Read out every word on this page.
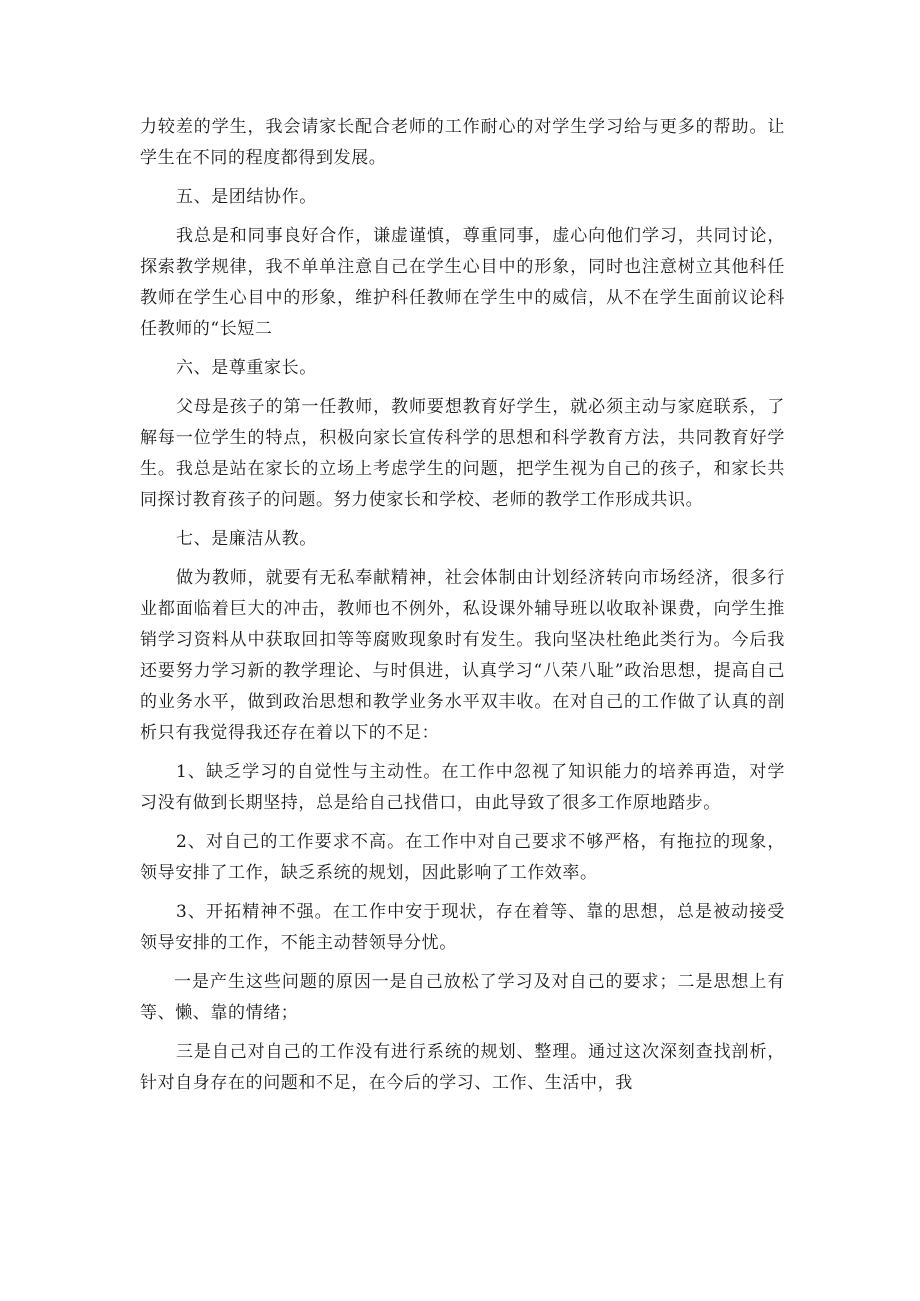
力较差的学生，我会请家长配合老师的工作耐心的对学生学习给与更多的帮助。让学生在不同的程度都得到发展。

五、是团结协作。

我总是和同事良好合作，谦虚谨慎，尊重同事，虚心向他们学习，共同讨论，探索教学规律，我不单单注意自己在学生心目中的形象，同时也注意树立其他科任教师在学生心目中的形象，维护科任教师在学生中的威信，从不在学生面前议论科任教师的“长短二

六、是尊重家长。

父母是孩子的第一任教师，教师要想教育好学生，就必须主动与家庭联系，了解每一位学生的特点，积极向家长宣传科学的思想和科学教育方法，共同教育好学生。我总是站在家长的立场上考虑学生的问题，把学生视为自己的孩子，和家长共同探讨教育孩子的问题。努力使家长和学校、老师的教学工作形成共识。

七、是廉洁从教。

做为教师，就要有无私奉献精神，社会体制由计划经济转向市场经济，很多行业都面临着巨大的冲击，教师也不例外，私设课外辅导班以收取补课费，向学生推销学习资料从中获取回扣等等腐败现象时有发生。我向坚决杜绝此类行为。今后我还要努力学习新的教学理论、与时俱进，认真学习“八荣八耻”政治思想，提高自己的业务水平，做到政治思想和教学业务水平双丰收。在对自己的工作做了认真的剖析只有我觉得我还存在着以下的不足：

1、缺乏学习的自觉性与主动性。在工作中忽视了知识能力的培养再造，对学习没有做到长期坚持，总是给自己找借口，由此导致了很多工作原地踏步。

2、对自己的工作要求不高。在工作中对自己要求不够严格，有拖拉的现象，领导安排了工作，缺乏系统的规划，因此影响了工作效率。

3、开拓精神不强。在工作中安于现状，存在着等、靠的思想，总是被动接受领导安排的工作，不能主动替领导分忧。

一是产生这些问题的原因一是自己放松了学习及对自己的要求；二是思想上有等、懒、靠的情绪；

三是自己对自己的工作没有进行系统的规划、整理。通过这次深刻查找剖析，针对自身存在的问题和不足，在今后的学习、工作、生活中，我
